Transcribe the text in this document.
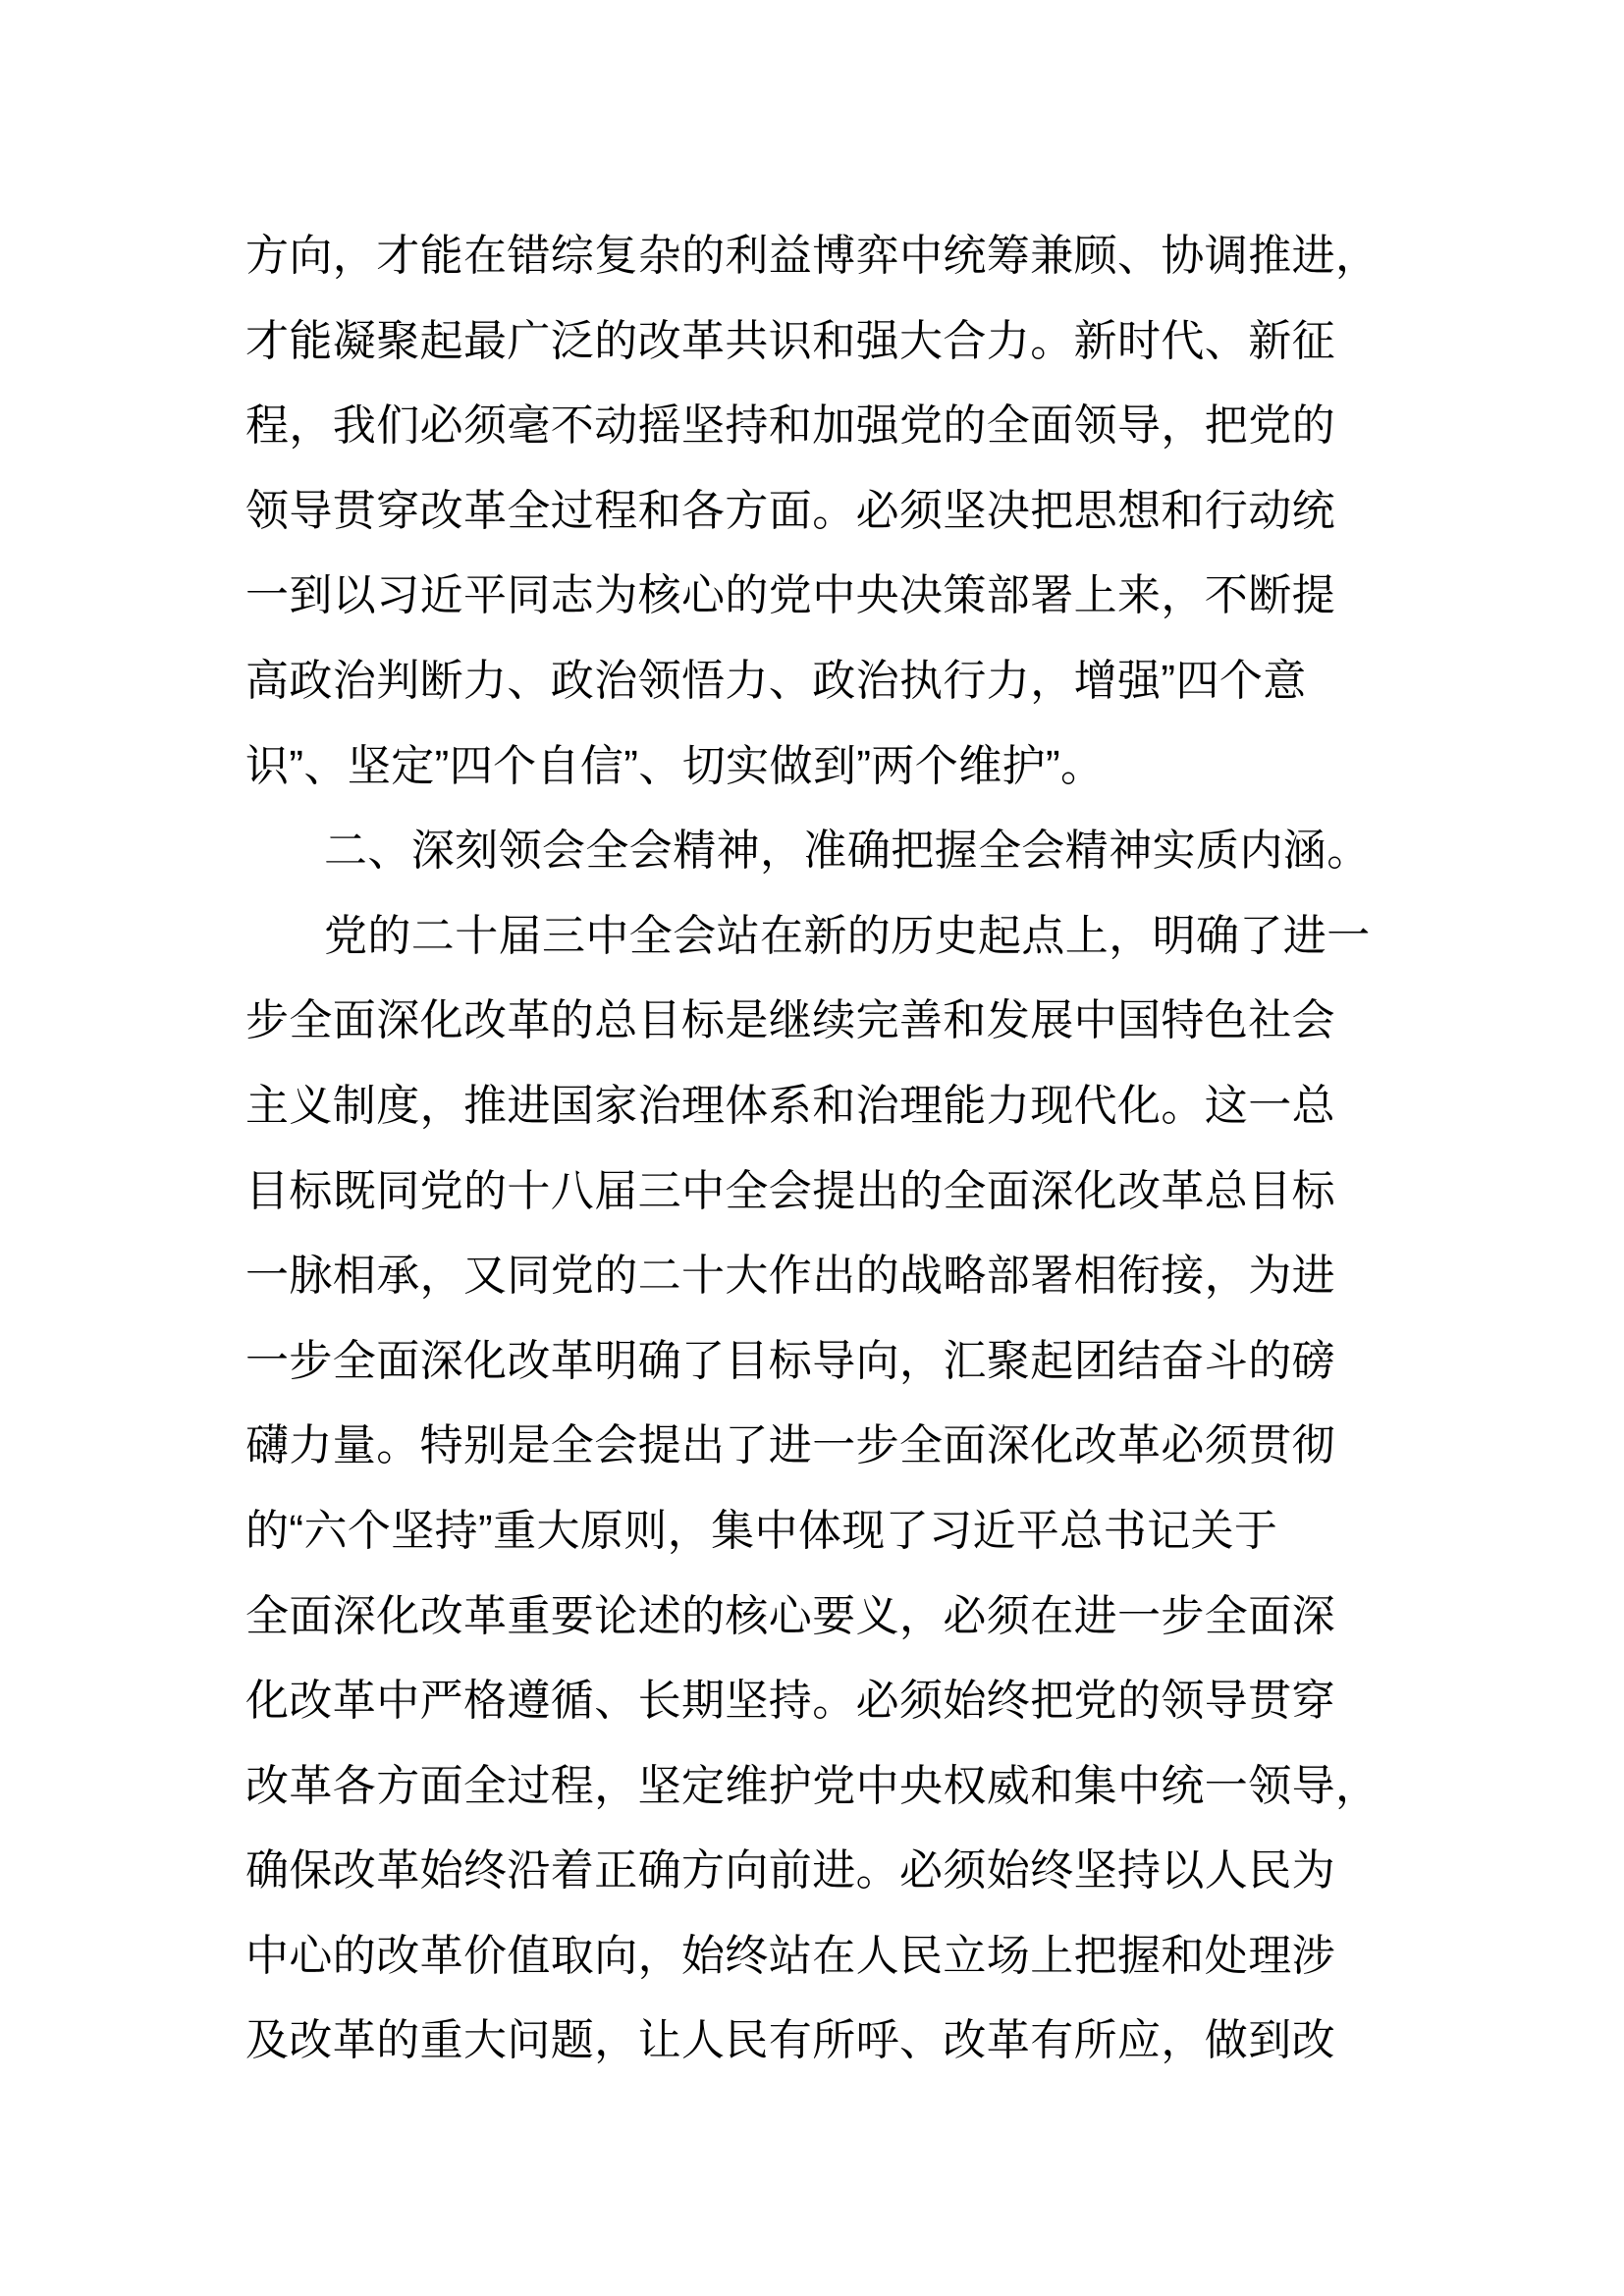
方向，才能在错综复杂的利益博弈中统筹兼顾、协调推进，
才能凝聚起最广泛的改革共识和强大合力。新时代、新征
程，我们必须毫不动摇坚持和加强党的全面领导，把党的
领导贯穿改革全过程和各方面。必须坚决把思想和行动统
一到以习近平同志为核心的党中央决策部署上来，不断提
高政治判断力、政治领悟力、政治执行力，增强”四个意
识”、坚定”四个自信”、切实做到”两个维护”。
二、深刻领会全会精神，准确把握全会精神实质内涵。
党的二十届三中全会站在新的历史起点上，明确了进一
步全面深化改革的总目标是继续完善和发展中国特色社会
主义制度，推进国家治理体系和治理能力现代化。这一总
目标既同党的十八届三中全会提出的全面深化改革总目标
一脉相承，又同党的二十大作出的战略部署相衔接，为进
一步全面深化改革明确了目标导向，汇聚起团结奋斗的磅
礴力量。特别是全会提出了进一步全面深化改革必须贯彻
的“六个坚持”重大原则，集中体现了习近平总书记关于
全面深化改革重要论述的核心要义，必须在进一步全面深
化改革中严格遵循、长期坚持。必须始终把党的领导贯穿
改革各方面全过程，坚定维护党中央权威和集中统一领导，
确保改革始终沿着正确方向前进。必须始终坚持以人民为
中心的改革价值取向，始终站在人民立场上把握和处理涉
及改革的重大问题，让人民有所呼、改革有所应，做到改
